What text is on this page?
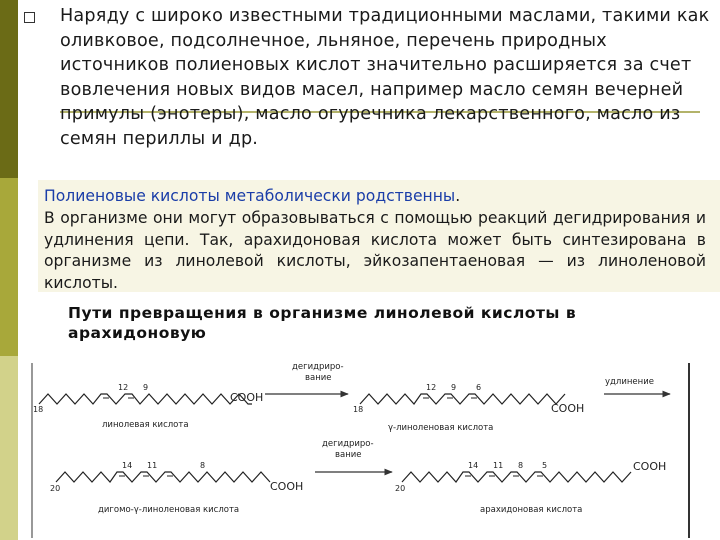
Наряду с широко известными традиционными маслами, такими как оливковое, подсолнечное, льняное, перечень природных источников полиеновых кислот значительно расширяется за счет вовлечения новых видов масел, например масло семян вечерней примулы (энотеры), масло огуречника лекарственного, масло из семян периллы и др.
Полиеновые кислоты метаболически родственны.
В организме они могут образовываться с помощью реакций дегидрирования и удлинения цепи. Так, арахидоновая кислота может быть синтезирована в организме из линолевой кислоты, эйкозапентаеновая — из линоленовой кислоты.
Пути превращения в организме линолевой кислоты в арахидоновую
18
12 9
COOH
линолевая кислота
дегидриро-вание
18
12 9 6
COOH
γ-линоленовая кислота
удлинение
20
14 11	8
COOH
дигомо-γ-линоленовая кислота
дегидриро-вание
20
14 11 8 5	COOH
арахидоновая кислота
